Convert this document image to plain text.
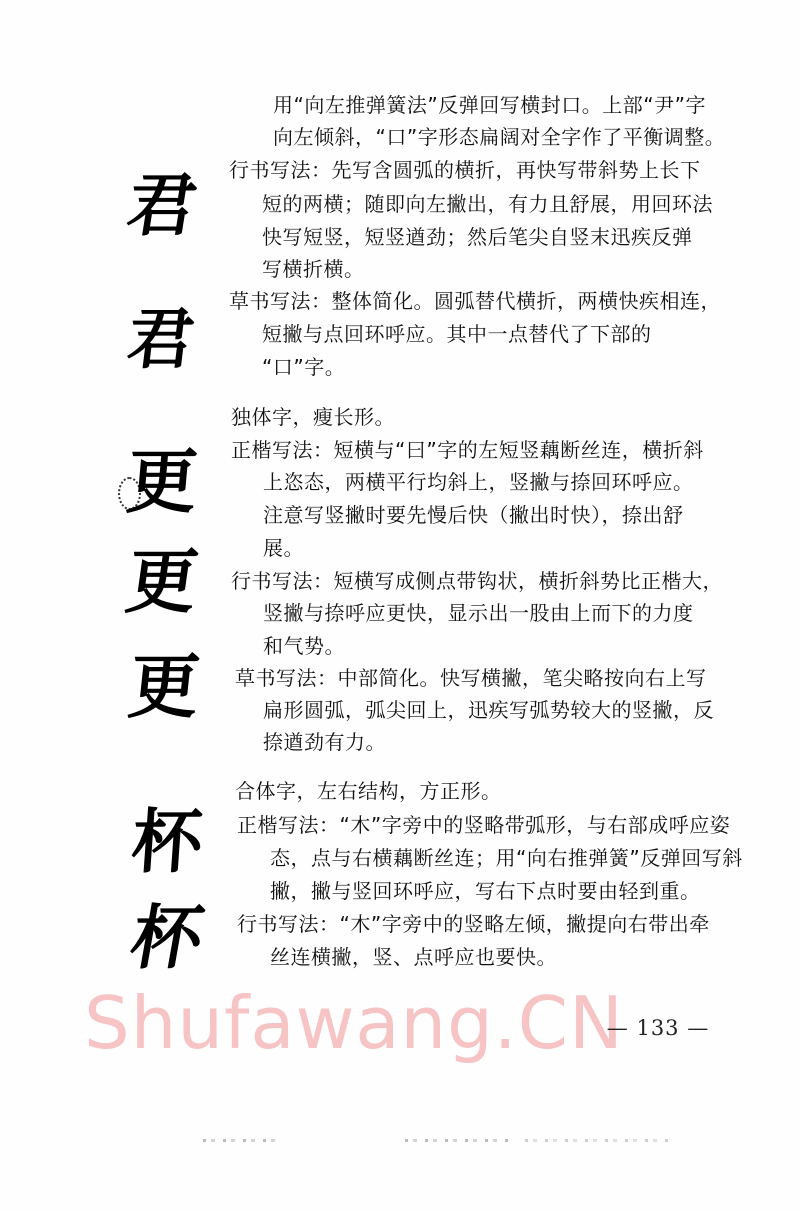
君
君
更
更
更
杯
杯
用“向左推弹簧法”反弹回写横封口。上部“尹”字
向左倾斜，“口”字形态扁阔对全字作了平衡调整。
行书写法：先写含圆弧的横折，再快写带斜势上长下
短的两横；随即向左撇出，有力且舒展，用回环法
快写短竖，短竖遒劲；然后笔尖自竖末迅疾反弹
写横折横。
草书写法：整体简化。圆弧替代横折，两横快疾相连，
短撇与点回环呼应。其中一点替代了下部的
“口”字。
独体字，瘦长形。
正楷写法：短横与“曰”字的左短竖藕断丝连，横折斜
上恣态，两横平行均斜上，竖撇与捺回环呼应。
注意写竖撇时要先慢后快（撇出时快），捺出舒
展。
行书写法：短横写成侧点带钩状，横折斜势比正楷大，
竖撇与捺呼应更快，显示出一股由上而下的力度
和气势。
草书写法：中部简化。快写横撇，笔尖略按向右上写
扁形圆弧，弧尖回上，迅疾写弧势较大的竖撇，反
捺遒劲有力。
合体字，左右结构，方正形。
正楷写法：“木”字旁中的竖略带弧形，与右部成呼应姿
态，点与右横藕断丝连；用“向右推弹簧”反弹回写斜
撇，撇与竖回环呼应，写右下点时要由轻到重。
行书写法：“木”字旁中的竖略左倾，撇提向右带出牵
丝连横撇，竖、点呼应也要快。
Shufawang.CN
— 133 —
